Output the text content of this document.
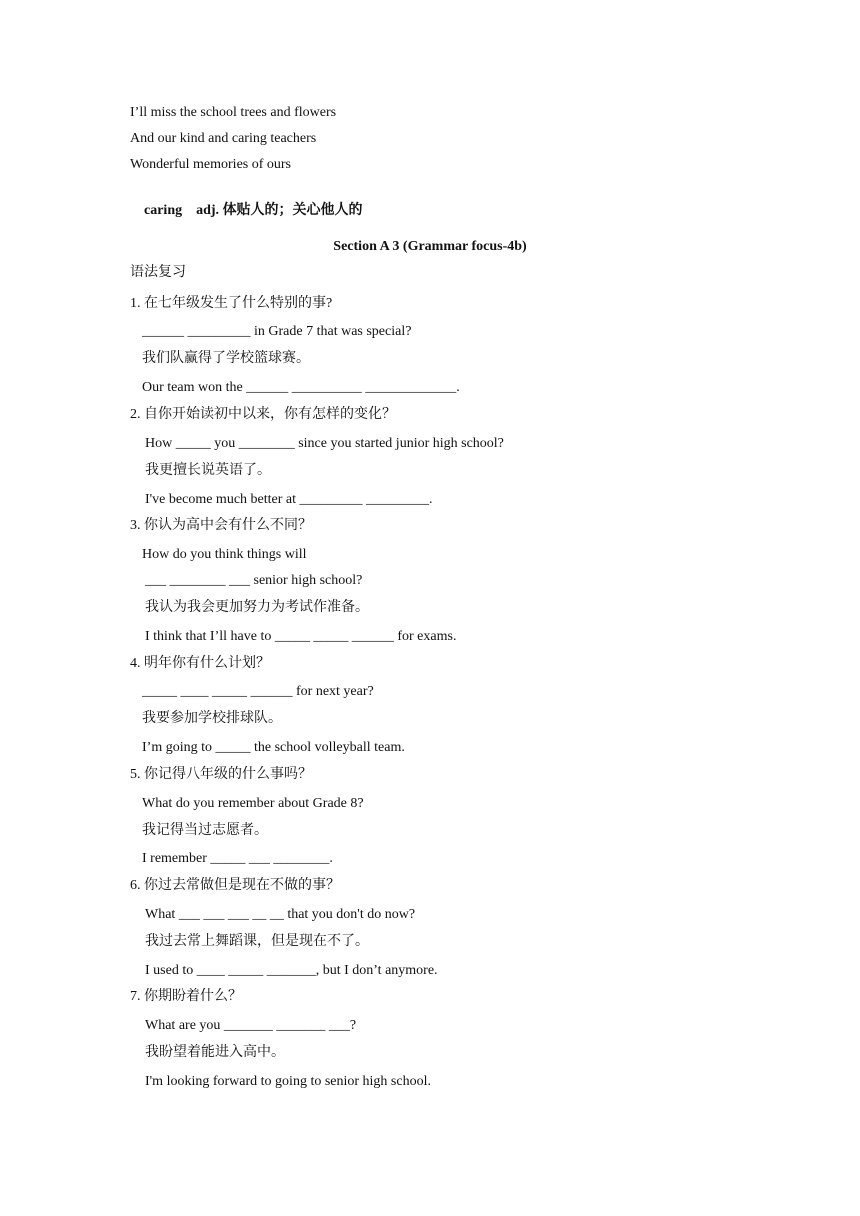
I’ll miss the school trees and flowers
And our kind and caring teachers
Wonderful memories of ours

caring adj. 体贴人的；关心他人的

Section A 3 (Grammar focus-4b)
语法复习
1. 在七年级发生了什么特别的事?
______ _________ in Grade 7 that was special?
我们队赢得了学校篮球赛。
Our team won the ______ __________ _____________.
2. 自你开始读初中以来，你有怎样的变化？
How _____ you ________ since you started junior high school?
我更擅长说英语了。
I've become much better at _________ _________.
3. 你认为高中会有什么不同？
How do you think things will
___ ________ ___ senior high school?
我认为我会更加努力为考试作准备。
I think that I’ll have to _____ _____ ______ for exams.
4. 明年你有什么计划？
_____ ____ _____ ______ for next year?
我要参加学校排球队。
I’m going to _____ the school volleyball team.
5. 你记得八年级的什么事吗？
What do you remember about Grade 8?
我记得当过志愿者。
I remember _____ ___ ________.
6. 你过去常做但是现在不做的事？
What ___ ___ ___ __ __ that you don't do now?
我过去常上舞蹈课，但是现在不了。
I used to ____ _____ _______, but I don’t anymore.
7. 你期盼着什么？
What are you _______ _______ ___?
我盼望着能进入高中。
I'm looking forward to going to senior high school.
